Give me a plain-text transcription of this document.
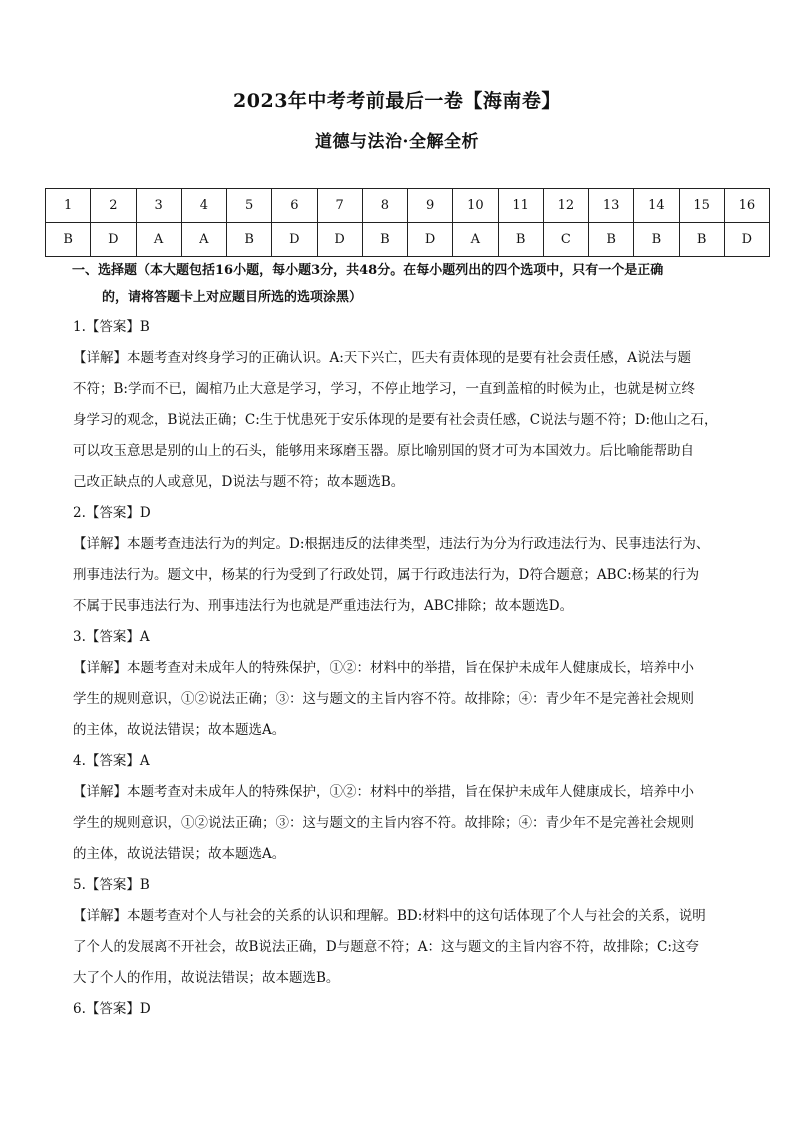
2023年中考考前最后一卷【海南卷】
道德与法治·全解全析
1	2	3	4	5	6	7	8	9	10	11	12	13	14	15	16
B	D	A	A	B	D	D	B	D	A	B	C	B	B	B	D
一、选择题（本大题包括16小题，每小题3分，共48分。在每小题列出的四个选项中，只有一个是正确
的，请将答题卡上对应题目所选的选项涂黑）
1.【答案】B
【详解】本题考查对终身学习的正确认识。A:天下兴亡，匹夫有责体现的是要有社会责任感，A说法与题
不符；B:学而不已，阖棺乃止大意是学习，学习，不停止地学习，一直到盖棺的时候为止，也就是树立终
身学习的观念，B说法正确；C:生于忧患死于安乐体现的是要有社会责任感，C说法与题不符；D:他山之石，
可以攻玉意思是别的山上的石头，能够用来琢磨玉器。原比喻别国的贤才可为本国效力。后比喻能帮助自
己改正缺点的人或意见，D说法与题不符；故本题选B。
2.【答案】D
【详解】本题考查违法行为的判定。D:根据违反的法律类型，违法行为分为行政违法行为、民事违法行为、
刑事违法行为。题文中，杨某的行为受到了行政处罚，属于行政违法行为，D符合题意；ABC:杨某的行为
不属于民事违法行为、刑事违法行为也就是严重违法行为，ABC排除；故本题选D。
3.【答案】A
【详解】本题考查对未成年人的特殊保护，①②：材料中的举措，旨在保护未成年人健康成长，培养中小
学生的规则意识，①②说法正确；③：这与题文的主旨内容不符。故排除；④：青少年不是完善社会规则
的主体，故说法错误；故本题选A。
4.【答案】A
【详解】本题考查对未成年人的特殊保护，①②：材料中的举措，旨在保护未成年人健康成长，培养中小
学生的规则意识，①②说法正确；③：这与题文的主旨内容不符。故排除；④：青少年不是完善社会规则
的主体，故说法错误；故本题选A。
5.【答案】B
【详解】本题考查对个人与社会的关系的认识和理解。BD:材料中的这句话体现了个人与社会的关系，说明
了个人的发展离不开社会，故B说法正确，D与题意不符；A：这与题文的主旨内容不符，故排除；C:这夸
大了个人的作用，故说法错误；故本题选B。
6.【答案】D
